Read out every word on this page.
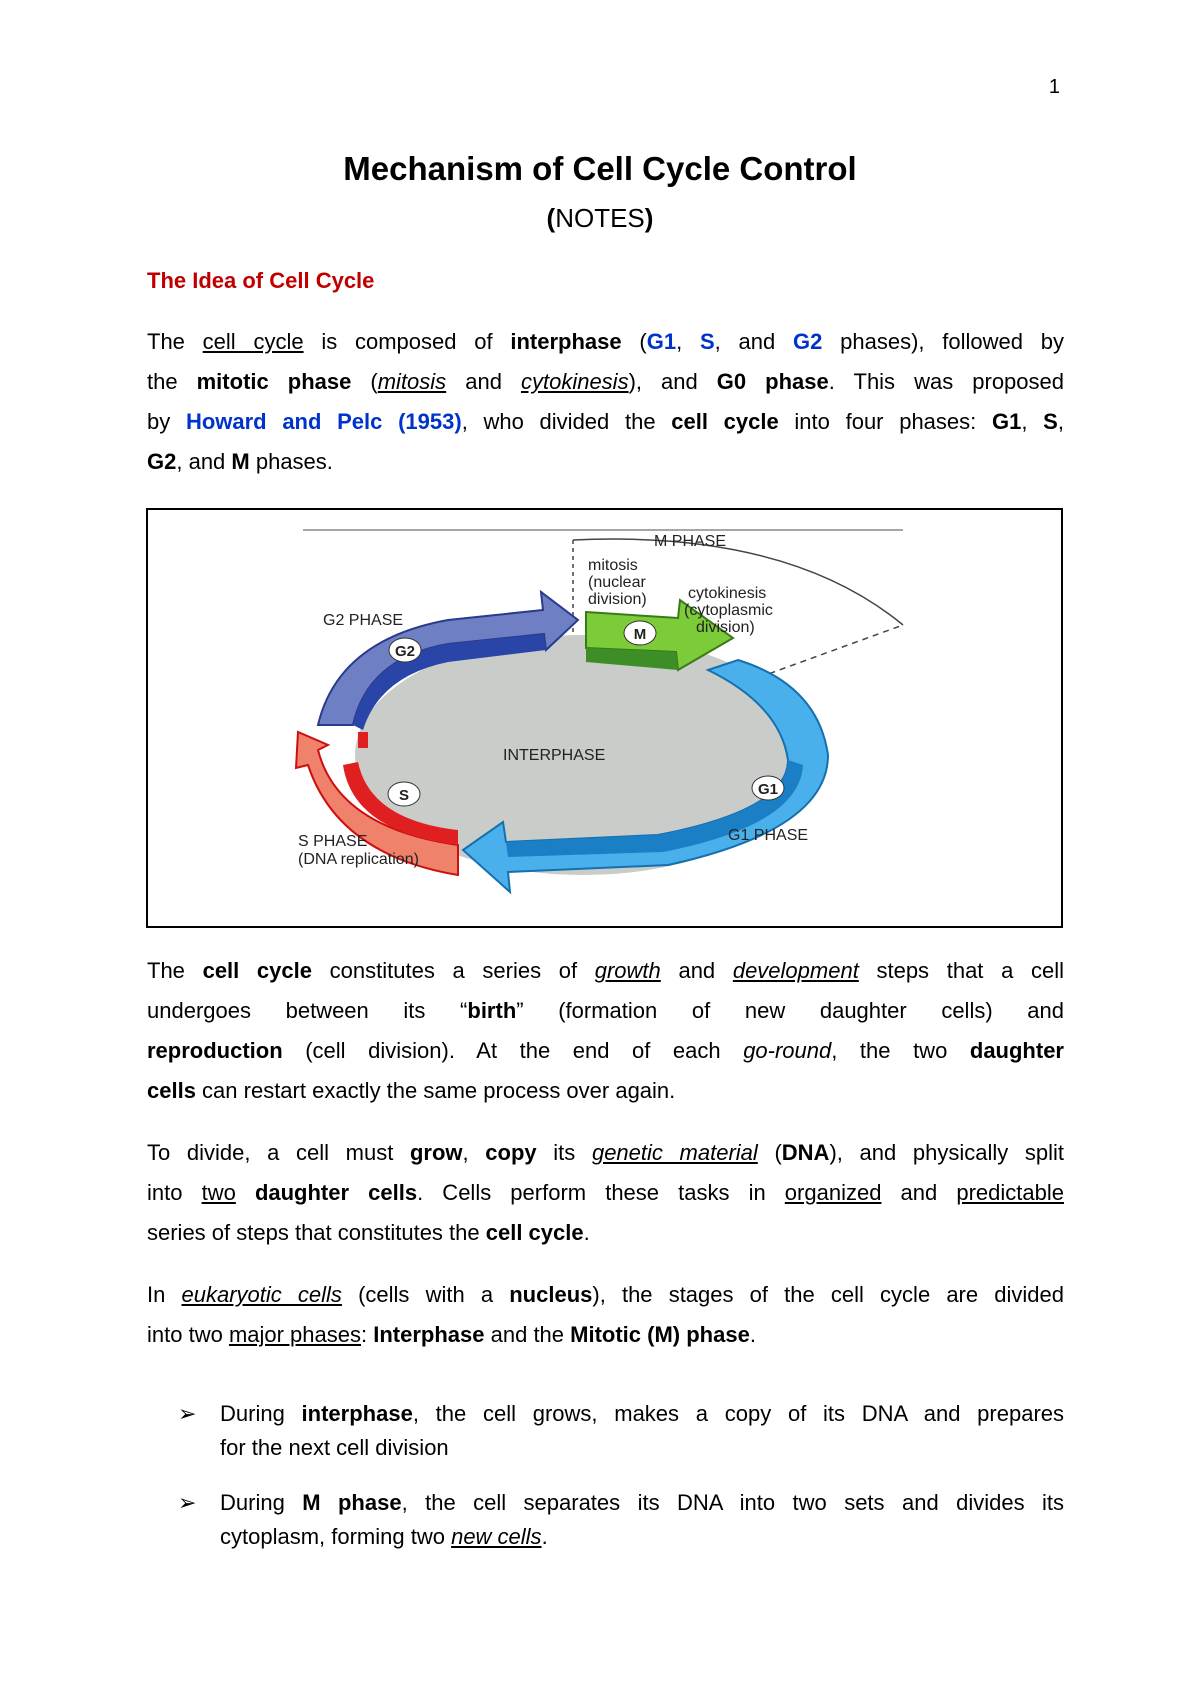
1
Mechanism of Cell Cycle Control
(NOTES)
The Idea of Cell Cycle
The cell cycle is composed of interphase (G1, S, and G2 phases), followed by
the mitotic phase (mitosis and cytokinesis), and G0 phase. This was proposed
by Howard and Pelc (1953), who divided the cell cycle into four phases: G1, S,
G2, and M phases.
G2
M
G1
S
M PHASE
mitosis
(nuclear
division)	cytokinesis
(cytoplasmic
division)
G2 PHASE
INTERPHASE
G1 PHASE
S PHASE
(DNA replication)
The cell cycle constitutes a series of growth and development steps that a cell
undergoes between its “birth” (formation of new daughter cells) and
reproduction (cell division). At the end of each go-round, the two daughter
cells can restart exactly the same process over again.
To divide, a cell must grow, copy its genetic material (DNA), and physically split
into two daughter cells. Cells perform these tasks in organized and predictable
series of steps that constitutes the cell cycle.
In eukaryotic cells (cells with a nucleus), the stages of the cell cycle are divided
into two major phases: Interphase and the Mitotic (M) phase.
➢ During interphase, the cell grows, makes a copy of its DNA and prepares
for the next cell division
➢ During M phase, the cell separates its DNA into two sets and divides its
cytoplasm, forming two new cells.
